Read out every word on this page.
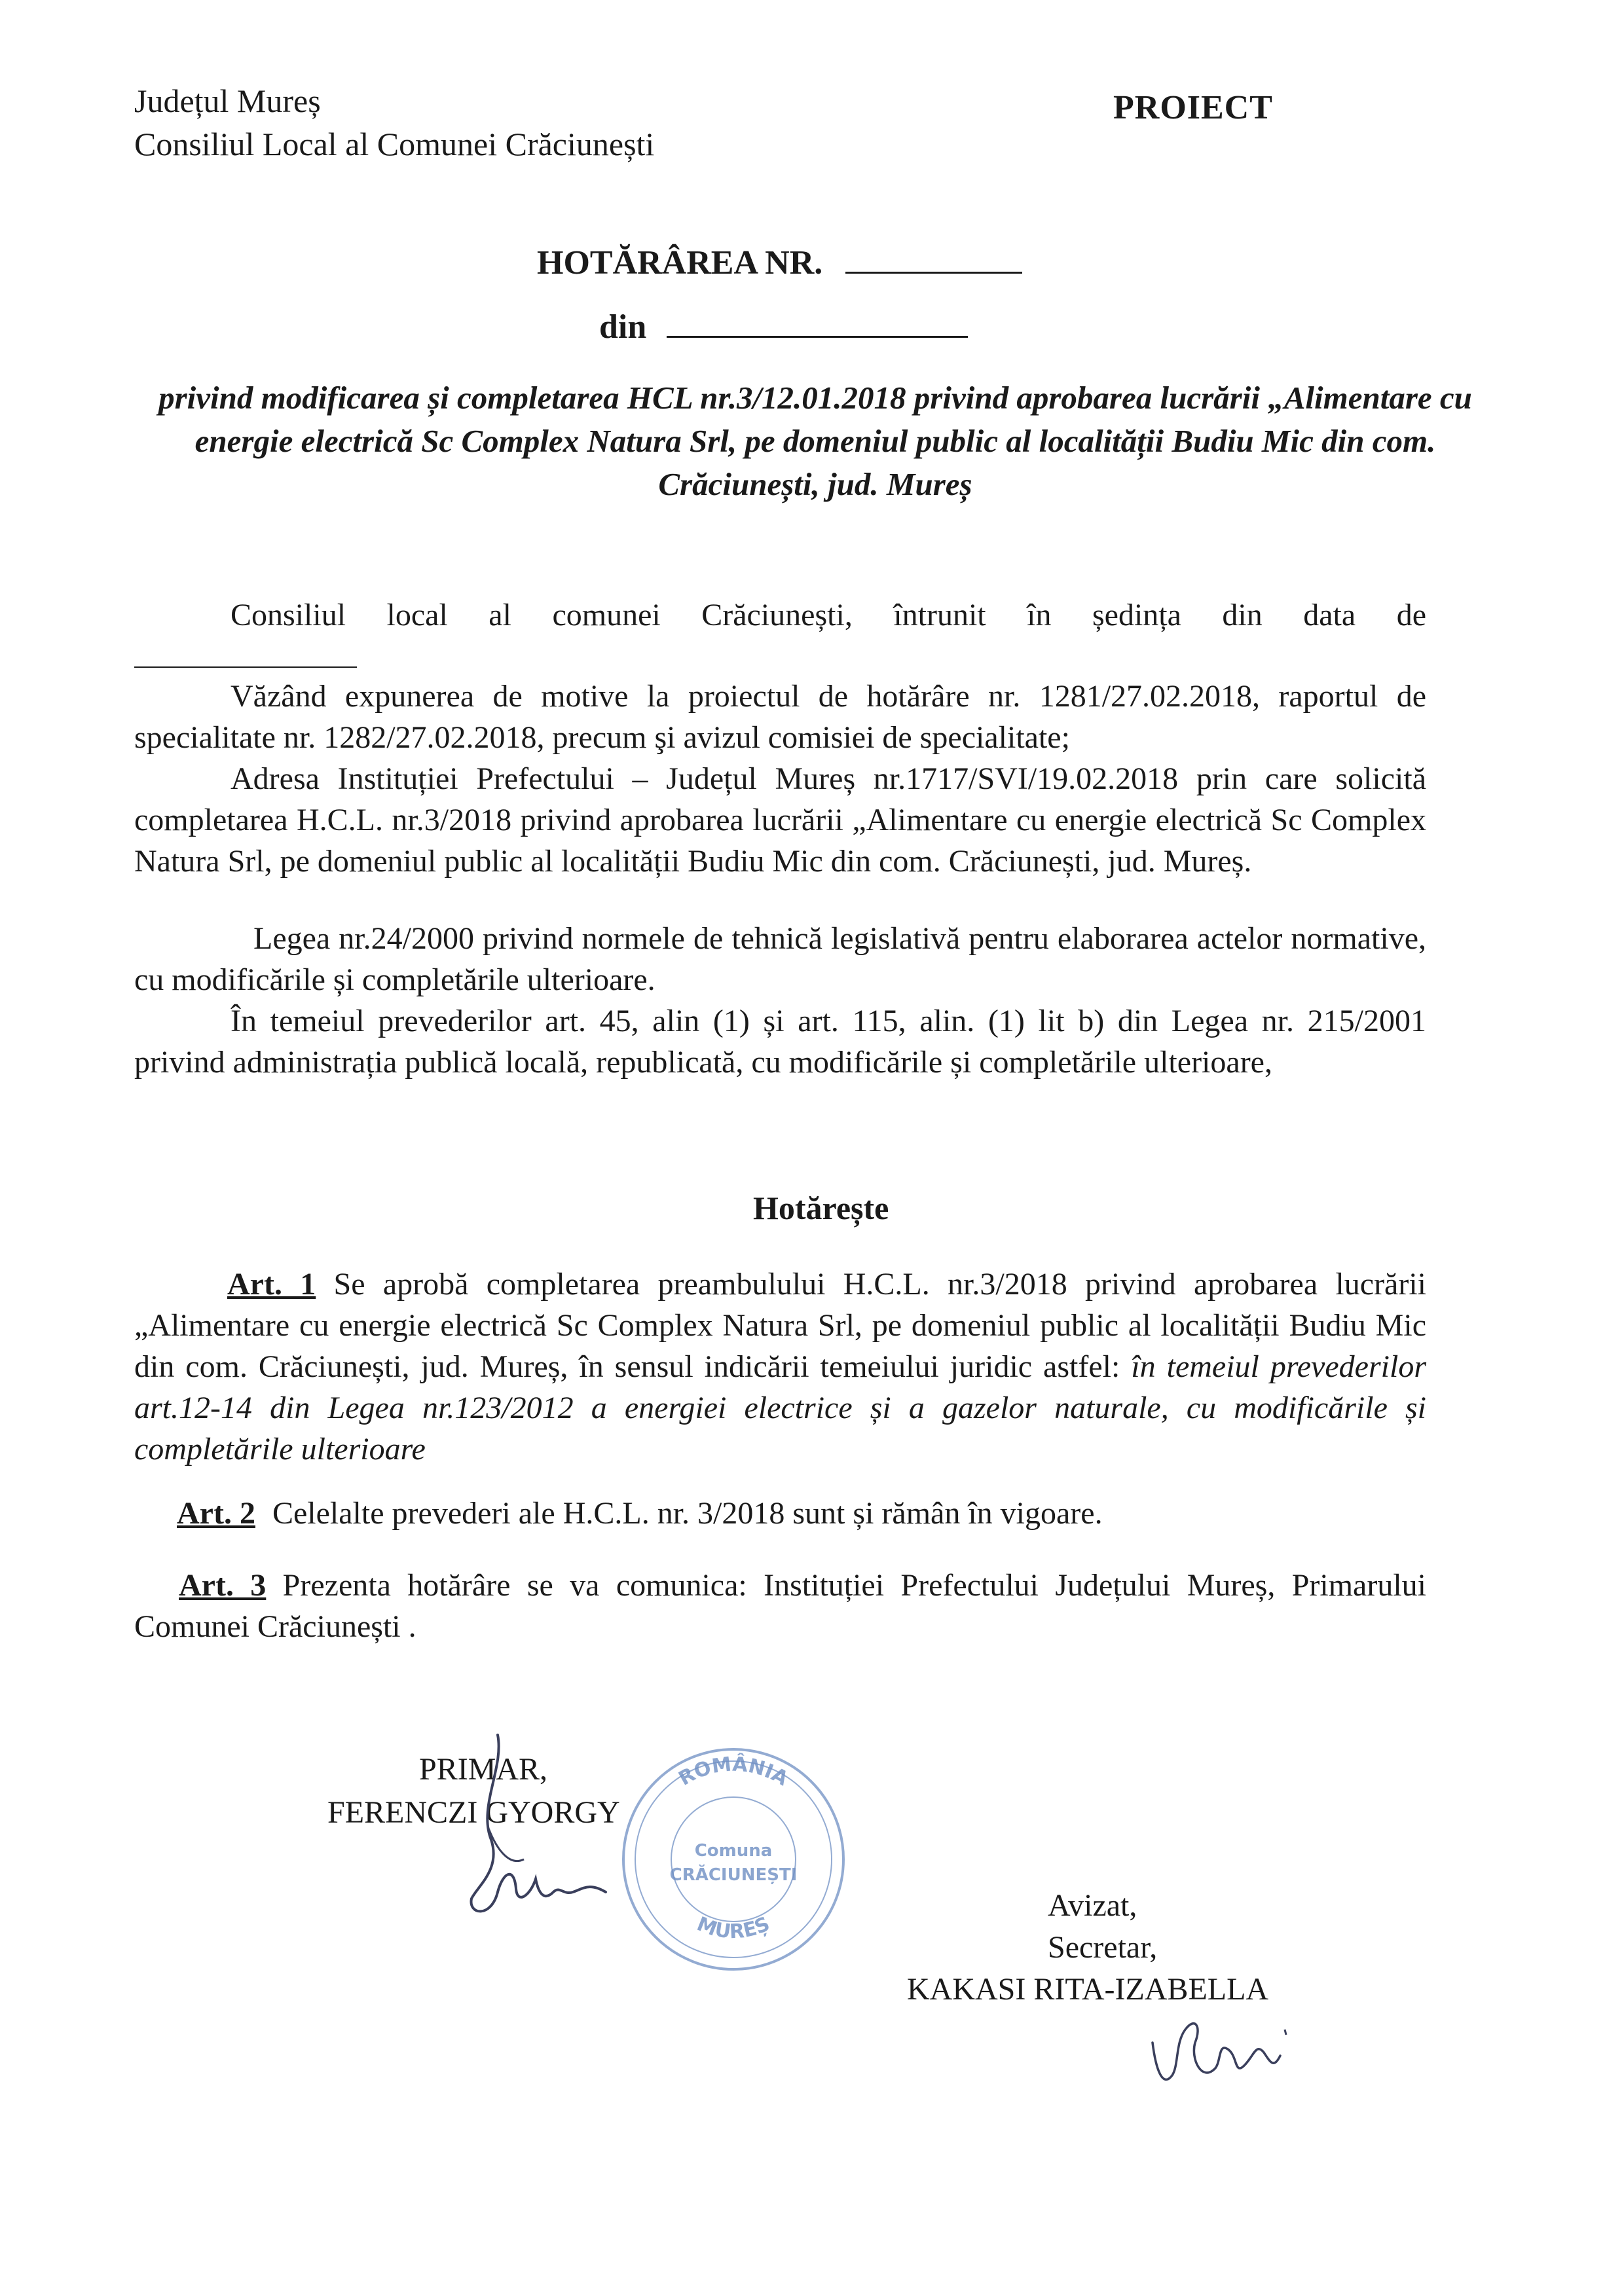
Județul Mureș
Consiliul Local al Comunei Crăciunești
PROIECT
HOTĂRÂREA NR.
din
privind modificarea și completarea HCL nr.3/12.01.2018 privind aprobarea lucrării „Alimentare cu energie electrică Sc Complex Natura Srl, pe domeniul public al localității Budiu Mic din com. Crăciunești, jud. Mureș
Consiliul local al comunei Crăciunești, întrunit în ședința din data de
Văzând expunerea de motive la proiectul de hotărâre nr. 1281/27.02.2018, raportul de specialitate nr. 1282/27.02.2018, precum şi avizul comisiei de specialitate;
Adresa Instituției Prefectului – Județul Mureș nr.1717/SVI/19.02.2018 prin care solicită completarea H.C.L. nr.3/2018 privind aprobarea lucrării „Alimentare cu energie electrică Sc Complex Natura Srl, pe domeniul public al localității Budiu Mic din com. Crăciunești, jud. Mureș.
Legea nr.24/2000 privind normele de tehnică legislativă pentru elaborarea actelor normative, cu modificările și completările ulterioare.
În temeiul prevederilor art. 45, alin (1) și art. 115, alin. (1) lit b) din Legea nr. 215/2001 privind administrația publică locală, republicată, cu modificările și completările ulterioare,
Hotărește
Art. 1 Se aprobă completarea preambulului H.C.L. nr.3/2018 privind aprobarea lucrării „Alimentare cu energie electrică Sc Complex Natura Srl, pe domeniul public al localității Budiu Mic din com. Crăciunești, jud. Mureș, în sensul indicării temeiului juridic astfel: în temeiul prevederilor art.12-14 din Legea nr.123/2012 a energiei electrice și a gazelor naturale, cu modificările și completările ulterioare
Art. 2 Celelalte prevederi ale H.C.L. nr. 3/2018 sunt și rămân în vigoare.
Art. 3 Prezenta hotărâre se va comunica: Instituției Prefectului Județului Mureș, Primarului Comunei Crăciunești .
ROMÂNIA
Comuna
CRĂCIUNEȘTI
MUREȘ
PRIMAR,
FERENCZI GYORGY
Avizat,
Secretar,
KAKASI RITA-IZABELLA
